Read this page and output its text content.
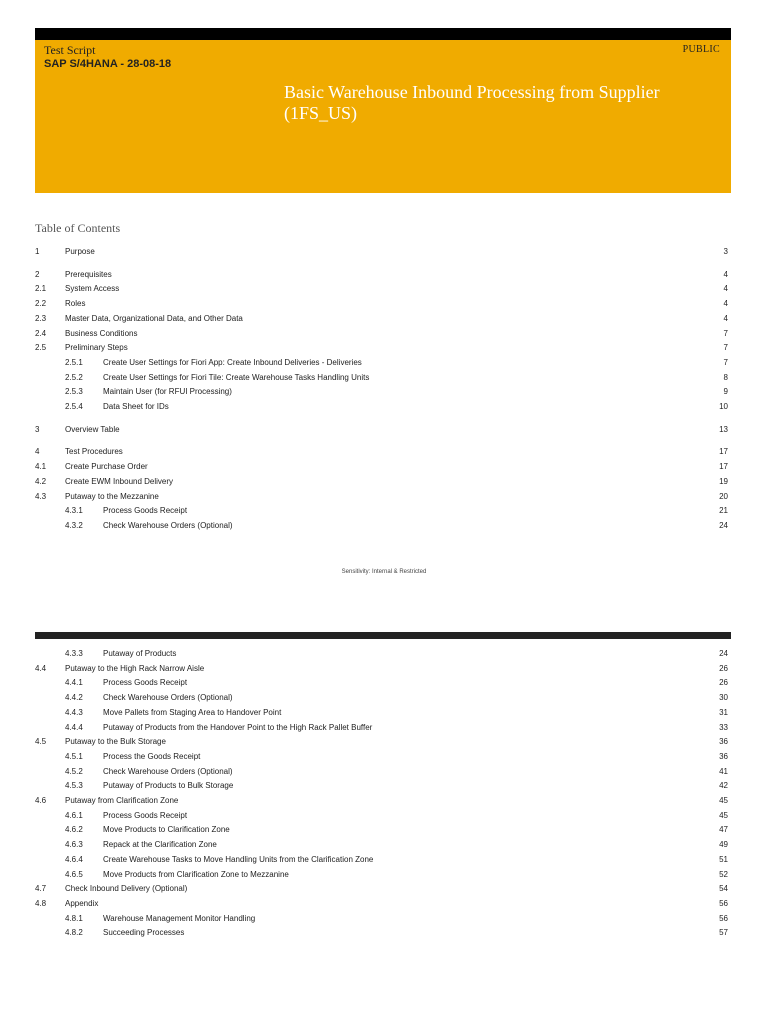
Test Script
SAP S/4HANA - 28-08-18
PUBLIC
Basic Warehouse Inbound Processing from Supplier (1FS_US)
Table of Contents
1	Purpose	3
2	Prerequisites	4
2.1 System Access	4
2.2 Roles	4
2.3 Master Data, Organizational Data, and Other Data	4
2.4 Business Conditions	7
2.5 Preliminary Steps	7
2.5.1	Create User Settings for Fiori App: Create Inbound Deliveries - Deliveries	7
2.5.2	Create User Settings for Fiori Tile: Create Warehouse Tasks Handling Units	8
2.5.3	Maintain User (for RFUI Processing)	9
2.5.4	Data Sheet for IDs	10
3	Overview Table	13
4	Test Procedures	17
4.1 Create Purchase Order	17
4.2 Create EWM Inbound Delivery	19
4.3 Putaway to the Mezzanine	20
4.3.1	Process Goods Receipt	21
4.3.2	Check Warehouse Orders (Optional)	24
Sensitivity: Internal & Restricted
4.3.3	Putaway of Products	24
4.4 Putaway to the High Rack Narrow Aisle	26
4.4.1	Process Goods Receipt	26
4.4.2	Check Warehouse Orders (Optional)	30
4.4.3	Move Pallets from Staging Area to Handover Point	31
4.4.4	Putaway of Products from the Handover Point to the High Rack Pallet Buffer	33
4.5 Putaway to the Bulk Storage	36
4.5.1	Process the Goods Receipt	36
4.5.2	Check Warehouse Orders (Optional)	41
4.5.3	Putaway of Products to Bulk Storage	42
4.6 Putaway from Clarification Zone	45
4.6.1	Process Goods Receipt	45
4.6.2	Move Products to Clarification Zone	47
4.6.3	Repack at the Clarification Zone	49
4.6.4	Create Warehouse Tasks to Move Handling Units from the Clarification Zone	51
4.6.5	Move Products from Clarification Zone to Mezzanine	52
4.7 Check Inbound Delivery (Optional)	54
4.8 Appendix	56
4.8.1	Warehouse Management Monitor Handling	56
4.8.2	Succeeding Processes	57
